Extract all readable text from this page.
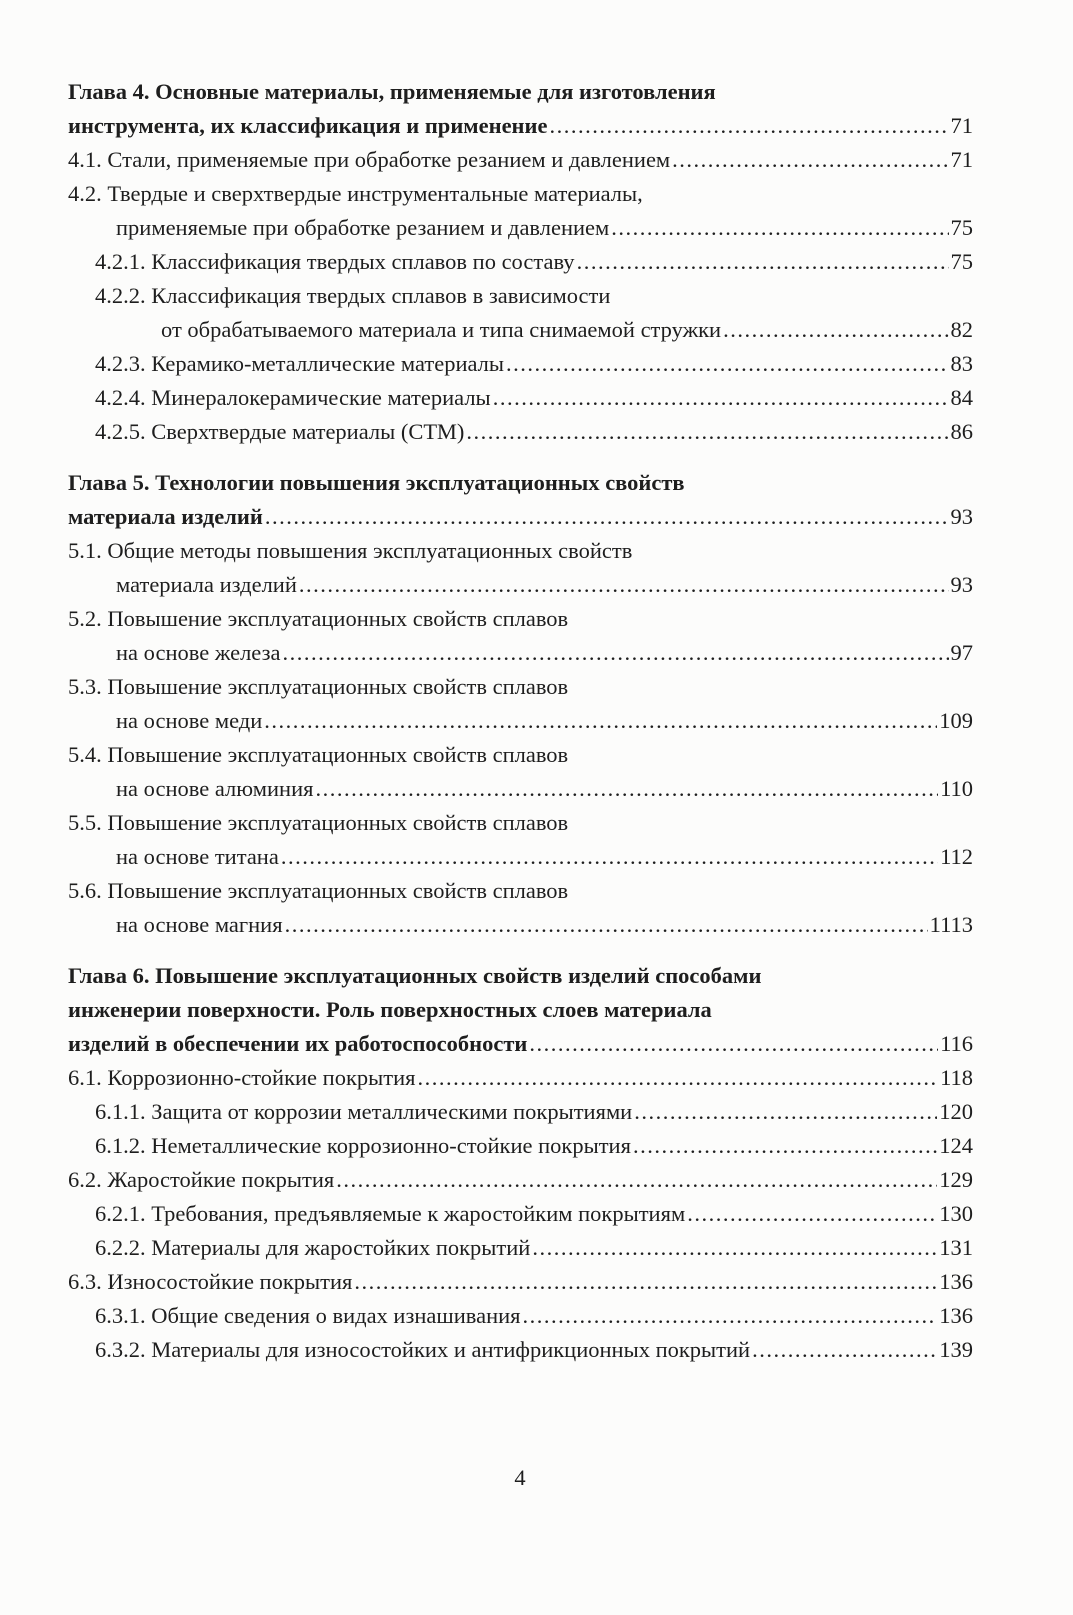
Глава 4. Основные материалы, применяемые для изготовления
инструмента, их классификация и применение .....	71
4.1. Стали, применяемые при обработке резанием и давлением .....	71
4.2. Твердые и сверхтвердые инструментальные материалы,
применяемые при обработке резанием и давлением .....	75
4.2.1. Классификация твердых сплавов по составу .....	75
4.2.2. Классификация твердых сплавов в зависимости
от обрабатываемого материала и типа снимаемой стружки .....	82
4.2.3. Керамико-металлические материалы .....	83
4.2.4. Минералокерамические материалы .....	84
4.2.5. Сверхтвердые материалы (СТМ) .....	86
Глава 5. Технологии повышения эксплуатационных свойств
материала изделий .....	93
5.1. Общие методы повышения эксплуатационных свойств
материала изделий .....	93
5.2. Повышение эксплуатационных свойств сплавов
на основе железа .....	97
5.3. Повышение эксплуатационных свойств сплавов
на основе меди .....	109
5.4. Повышение эксплуатационных свойств сплавов
на основе алюминия .....	110
5.5. Повышение эксплуатационных свойств сплавов
на основе титана .....	112
5.6. Повышение эксплуатационных свойств сплавов
на основе магния .....	1113
Глава 6. Повышение эксплуатационных свойств изделий способами
инженерии поверхности. Роль поверхностных слоев материала
изделий в обеспечении их работоспособности .....	116
6.1. Коррозионно-стойкие покрытия .....	118
6.1.1. Защита от коррозии металлическими покрытиями .....	120
6.1.2. Неметаллические коррозионно-стойкие покрытия .....	124
6.2. Жаростойкие покрытия .....	129
6.2.1. Требования, предъявляемые к жаростойким покрытиям .....	130
6.2.2. Материалы для жаростойких покрытий .....	131
6.3. Износостойкие покрытия .....	136
6.3.1. Общие сведения о видах изнашивания .....	136
6.3.2. Материалы для износостойких и антифрикционных покрытий .....	139
4
